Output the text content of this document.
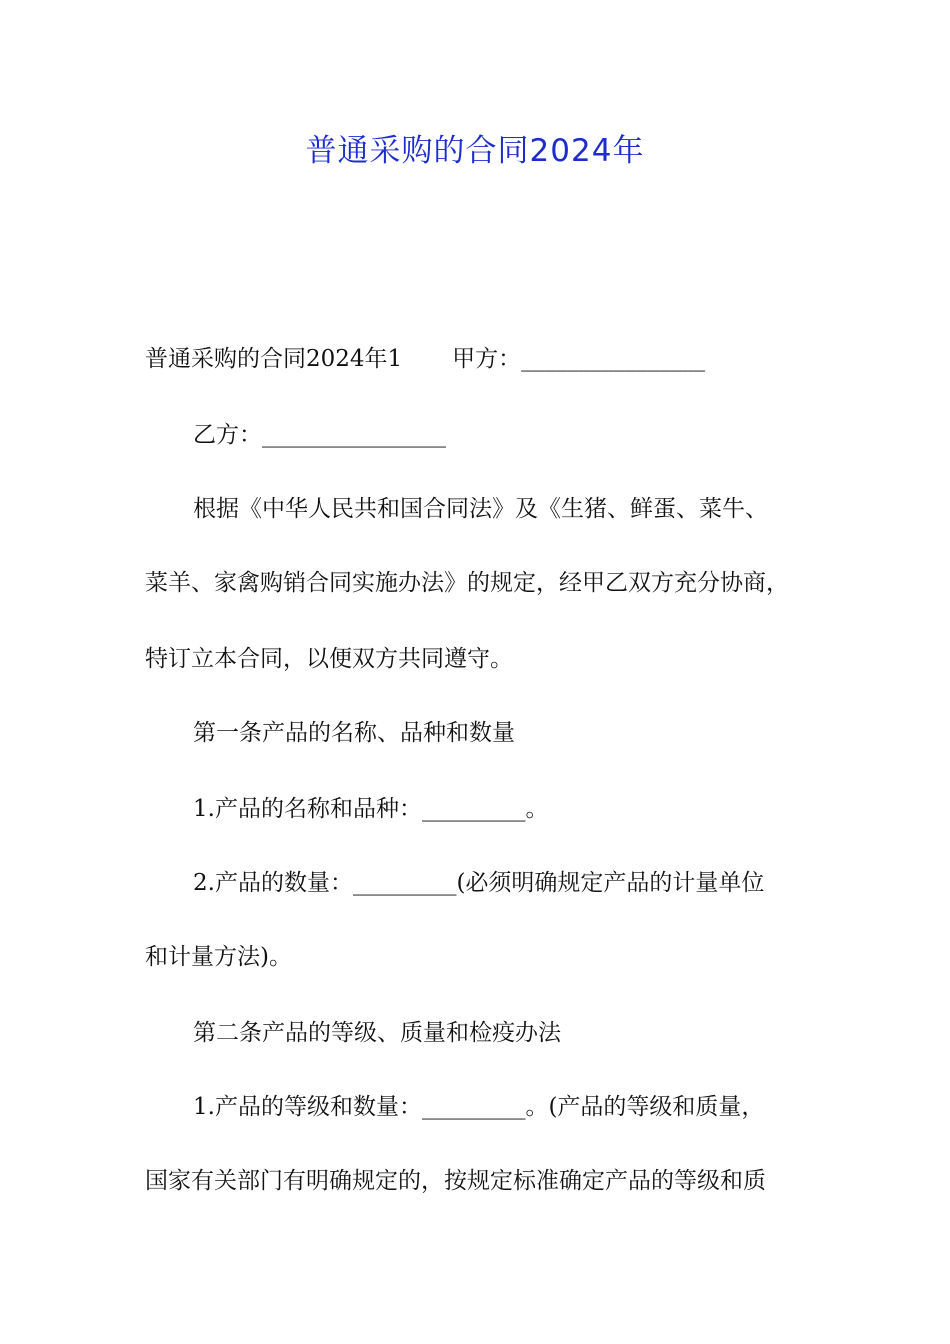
普通采购的合同2024年
普通采购的合同2024年1 甲方：________________
乙方：________________
根据《中华人民共和国合同法》及《生猪、鲜蛋、菜牛、
菜羊、家禽购销合同实施办法》的规定，经甲乙双方充分协商，
特订立本合同，以便双方共同遵守。
第一条产品的名称、品种和数量
1.产品的名称和品种：_________。
2.产品的数量：_________(必须明确规定产品的计量单位
和计量方法)。
第二条产品的等级、质量和检疫办法
1.产品的等级和数量：_________。(产品的等级和质量，
国家有关部门有明确规定的，按规定标准确定产品的等级和质
